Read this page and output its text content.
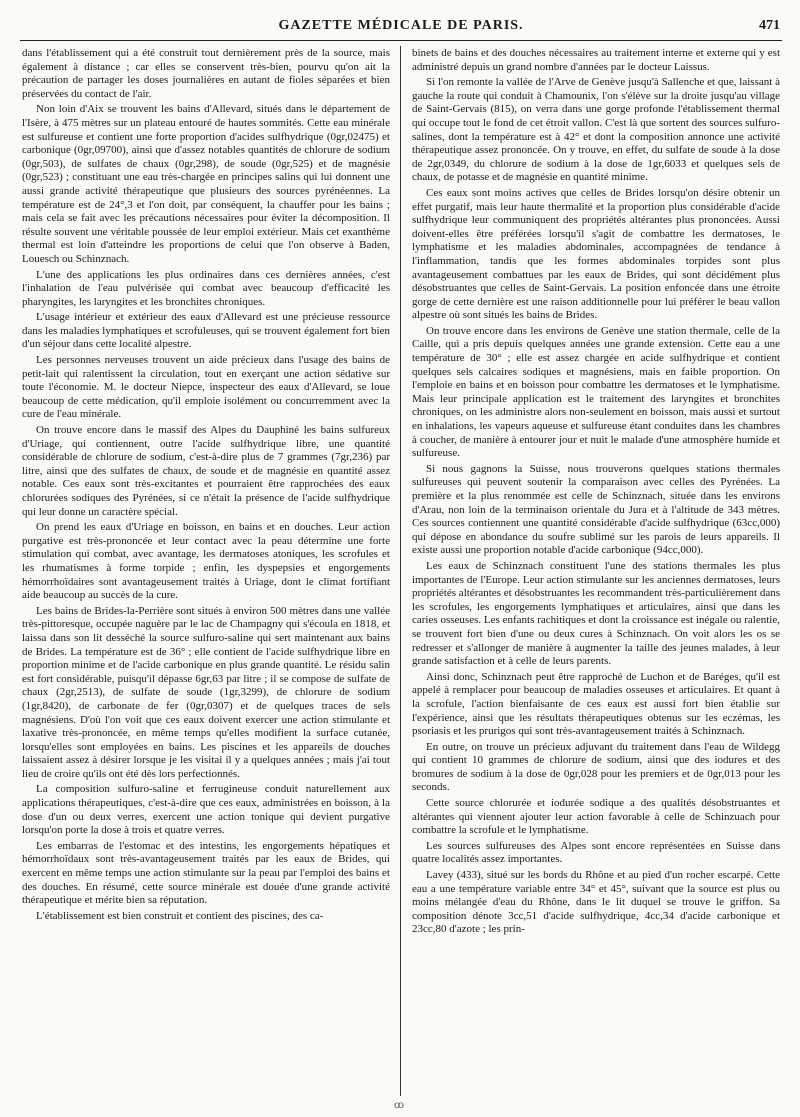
GAZETTE MÉDICALE DE PARIS.	471

dans l'établissement qui a été construit tout dernièrement près de la source, mais également à distance ; car elles se conservent très-bien, pourvu qu'on ait la précaution de partager les doses journalières en autant de fioles séparées et bien préservées du contact de l'air.

Non loin d'Aix se trouvent les bains d'Allevard, situés dans le département de l'Isère, à 475 mètres sur un plateau entouré de hautes sommités. Cette eau minérale est sulfureuse et contient une forte proportion d'acides sulfhydrique (0gr,02475) et carbonique (0gr,09700), ainsi que d'assez notables quantités de chlorure de sodium (0gr,503), de sulfates de chaux (0gr,298), de soude (0gr,525) et de magnésie (0gr,523) ; constituant une eau très-chargée en principes salins qui lui donnent une aussi grande activité thérapeutique que plusieurs des sources pyrénéennes. La température est de 24°,3 et l'on doit, par conséquent, la chauffer pour les bains ; mais cela se fait avec les précautions nécessaires pour éviter la décomposition. Il résulte souvent une véritable poussée de leur emploi extérieur. Mais cet exanthème thermal est loin d'atteindre les proportions de celui que l'on observe à Baden, Louesch ou Schinznach.

L'une des applications les plus ordinaires dans ces dernières années, c'est l'inhalation de l'eau pulvérisée qui combat avec beaucoup d'efficacité les pharyngites, les laryngites et les bronchites chroniques.

L'usage intérieur et extérieur des eaux d'Allevard est une précieuse ressource dans les maladies lymphatiques et scrofuleuses, qui se trouvent également fort bien d'un séjour dans cette localité alpestre.

Les personnes nerveuses trouvent un aide précieux dans l'usage des bains de petit-lait qui ralentissent la circulation, tout en exerçant une action sédative sur toute l'économie. M. le docteur Niepce, inspecteur des eaux d'Allevard, se loue beaucoup de cette médication, qu'il emploie isolément ou concurremment avec la cure de l'eau minérale.

On trouve encore dans le massif des Alpes du Dauphiné les bains sulfureux d'Uriage, qui contiennent, outre l'acide sulfhydrique libre, une quantité considérable de chlorure de sodium, c'est-à-dire plus de 7 grammes (7gr,236) par litre, ainsi que des sulfates de chaux, de soude et de magnésie en quantité assez notable. Ces eaux sont très-excitantes et pourraient être rapprochées des eaux chlorurées sodiques des Pyrénées, si ce n'était la présence de l'acide sulfhydrique qui leur donne un caractère spécial.

On prend les eaux d'Uriage en boisson, en bains et en douches. Leur action purgative est très-prononcée et leur contact avec la peau détermine une forte stimulation qui combat, avec avantage, les dermatoses atoniques, les scrofules et les rhumatismes à forme torpide ; enfin, les dyspepsies et engorgements hémorrhoïdaires sont avantageusement traités à Uriage, dont le climat fortifiant aide beaucoup au succès de la cure.

Les bains de Brides-la-Perrière sont situés à environ 500 mètres dans une vallée très-pittoresque, occupée naguère par le lac de Champagny qui s'écoula en 1818, et laissa dans son lit desséché la source sulfuro-saline qui sert maintenant aux bains de Brides. La température est de 36° ; elle contient de l'acide sulfhydrique libre en proportion minime et de l'acide carbonique en plus grande quantité. Le résidu salin est fort considérable, puisqu'il dépasse 6gr,63 par litre ; il se compose de sulfate de chaux (2gr,2513), de sulfate de soude (1gr,3299), de chlorure de sodium (1gr,8420), de carbonate de fer (0gr,0307) et de quelques traces de sels magnésiens. D'où l'on voit que ces eaux doivent exercer une action stimulante et laxative très-prononcée, en même temps qu'elles modifient la surface cutanée, lorsqu'elles sont employées en bains. Les piscines et les appareils de douches laissaient assez à désirer lorsque je les visitai il y a quelques années ; mais j'ai tout lieu de croire qu'ils ont été dès lors perfectionnés.

La composition sulfuro-saline et ferrugineuse conduit naturellement aux applications thérapeutiques, c'est-à-dire que ces eaux, administrées en boisson, à la dose d'un ou deux verres, exercent une action tonique qui devient purgative lorsqu'on porte la dose à trois et quatre verres.

Les embarras de l'estomac et des intestins, les engorgements hépatiques et hémorrhoïdaux sont très-avantageusement traités par les eaux de Brides, qui exercent en même temps une action stimulante sur la peau par l'emploi des bains et des douches. En résumé, cette source minérale est douée d'une grande activité thérapeutique et mérite bien sa réputation.

L'établissement est bien construit et contient des piscines, des ca-

binets de bains et des douches nécessaires au traitement interne et externe qui y est administré depuis un grand nombre d'années par le docteur Laissus.

Si l'on remonte la vallée de l'Arve de Genève jusqu'à Sallenche et que, laissant à gauche la route qui conduit à Chamounix, l'on s'élève sur la droite jusqu'au village de Saint-Gervais (815), on verra dans une gorge profonde l'établissement thermal qui occupe tout le fond de cet étroit vallon. C'est là que sortent des sources sulfuro-salines, dont la température est à 42° et dont la composition annonce une activité thérapeutique assez prononcée. On y trouve, en effet, du sulfate de soude à la dose de 2gr,0349, du chlorure de sodium à la dose de 1gr,6033 et quelques sels de chaux, de potasse et de magnésie en quantité minime.

Ces eaux sont moins actives que celles de Brides lorsqu'on désire obtenir un effet purgatif, mais leur haute thermalité et la proportion plus considérable d'acide sulfhydrique leur communiquent des propriétés altérantes plus prononcées. Aussi doivent-elles être préférées lorsqu'il s'agit de combattre les dermatoses, le lymphatisme et les maladies abdominales, accompagnées de tendance à l'inflammation, tandis que les formes abdominales torpides sont plus avantageusement combattues par les eaux de Brides, qui sont décidément plus désobstruantes que celles de Saint-Gervais. La position enfoncée dans une étroite gorge de cette dernière est une raison additionnelle pour lui préférer le beau vallon alpestre où sont situés les bains de Brides.

On trouve encore dans les environs de Genève une station thermale, celle de la Caille, qui a pris depuis quelques années une grande extension. Cette eau a une température de 30° ; elle est assez chargée en acide sulfhydrique et contient quelques sels calcaires sodiques et magnésiens, mais en faible proportion. On l'emploie en bains et en boisson pour combattre les dermatoses et le lymphatisme. Mais leur principale application est le traitement des laryngites et bronchites chroniques, on les administre alors non-seulement en boisson, mais aussi et surtout en inhalations, les vapeurs aqueuse et sulfureuse étant conduites dans les chambres à coucher, de manière à entourer jour et nuit le malade d'une atmosphère humide et sulfureuse.

Si nous gagnons la Suisse, nous trouverons quelques stations thermales sulfureuses qui peuvent soutenir la comparaison avec celles des Pyrénées. La première et la plus renommée est celle de Schinznach, située dans les environs d'Arau, non loin de la terminaison orientale du Jura et à l'altitude de 343 mètres. Ces sources contiennent une quantité considérable d'acide sulfhydrique (63cc,000) qui dépose en abondance du soufre sublimé sur les parois de leurs appareils. Il existe aussi une proportion notable d'acide carbonique (94cc,000).

Les eaux de Schinznach constituent l'une des stations thermales les plus importantes de l'Europe. Leur action stimulante sur les anciennes dermatoses, leurs propriétés altérantes et désobstruantes les recommandent très-particulièrement dans les scrofules, les engorgements lymphatiques et articulaires, ainsi que dans les caries osseuses. Les enfants rachitiques et dont la croissance est inégale ou ralentie, se trouvent fort bien d'une ou deux cures à Schinznach. On voit alors les os se redresser et s'allonger de manière à augmenter la taille des jeunes malades, à leur grande satisfaction et à celle de leurs parents.

Ainsi donc, Schinznach peut être rapproché de Luchon et de Baréges, qu'il est appelé à remplacer pour beaucoup de maladies osseuses et articulaires. Et quant à la scrofule, l'action bienfaisante de ces eaux est aussi fort bien établie sur l'expérience, ainsi que les résultats thérapeutiques obtenus sur les eczémas, les psoriasis et les prurigos qui sont très-avantageusement traités à Schinznach.

En outre, on trouve un précieux adjuvant du traitement dans l'eau de Wildegg qui contient 10 grammes de chlorure de sodium, ainsi que des iodures et des bromures de sodium à la dose de 0gr,028 pour les premiers et de 0gr,013 pour les seconds.

Cette source chlorurée et iodurée sodique a des qualités désobstruantes et altérantes qui viennent ajouter leur action favorable à celle de Schinzuach pour combattre la scrofule et le lymphatisme.

Les sources sulfureuses des Alpes sont encore représentées en Suisse dans quatre localités assez importantes.

Lavey (433), situé sur les bords du Rhône et au pied d'un rocher escarpé. Cette eau a une température variable entre 34° et 45°, suivant que la source est plus ou moins mélangée d'eau du Rhône, dans le lit duquel se trouve le griffon. Sa composition dénote 3cc,51 d'acide sulfhydrique, 4cc,34 d'acide carbonique et 23cc,80 d'azote ; les prin-

ꝏ
